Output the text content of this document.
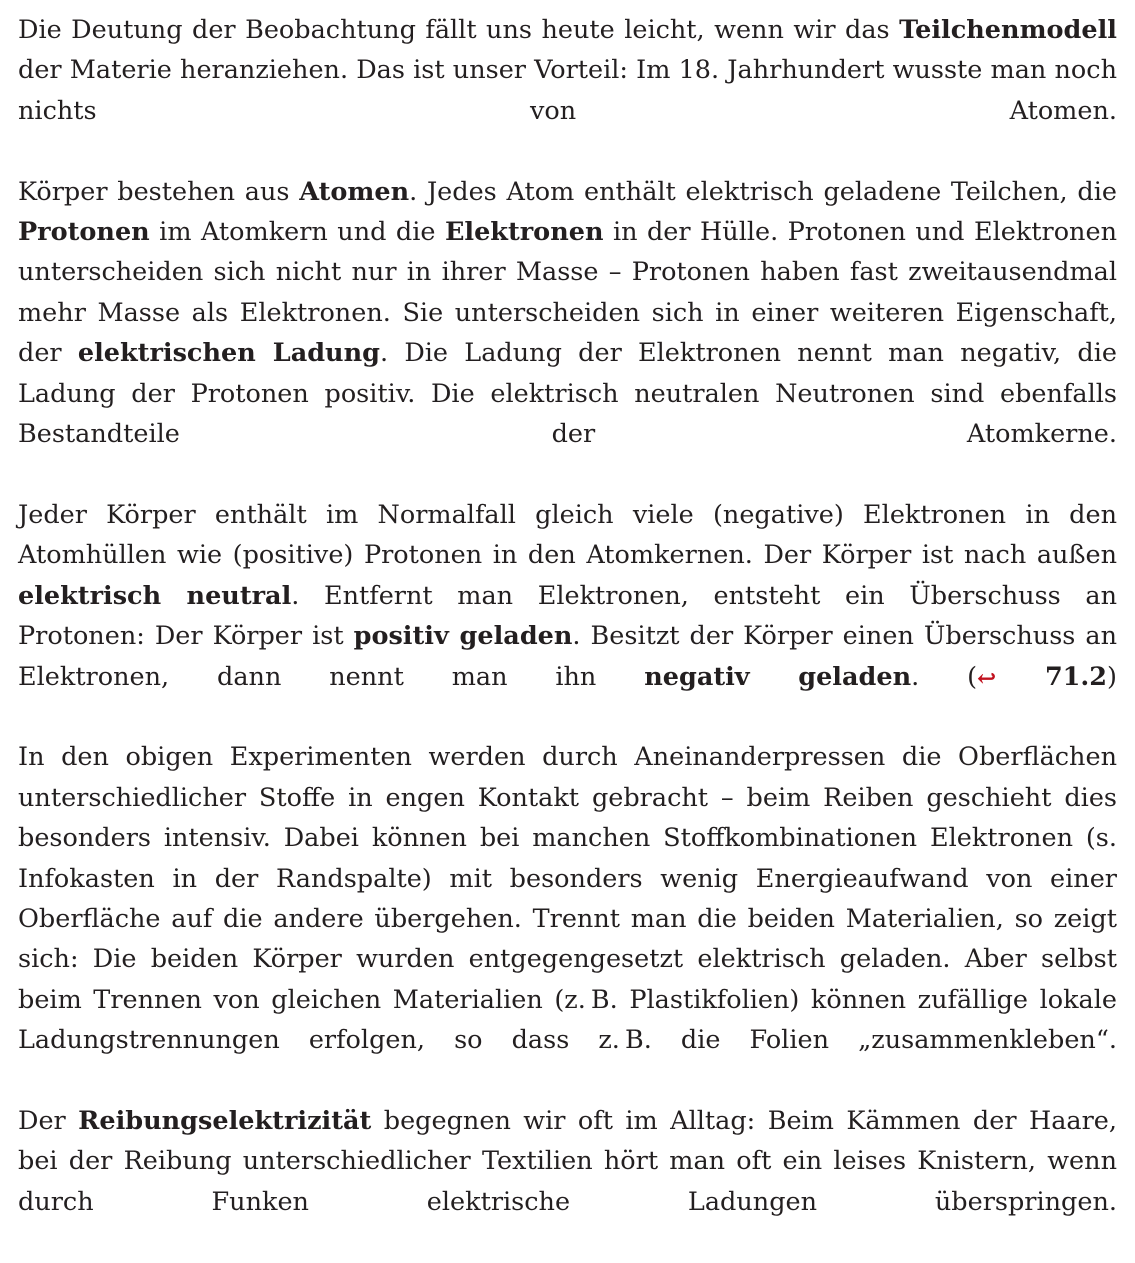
Die Deutung der Beobachtung fällt uns heute leicht, wenn wir das Teilchenmodell der Materie heranziehen. Das ist unser Vorteil: Im 18. Jahrhundert wusste man noch nichts von Atomen.
Körper bestehen aus Atomen. Jedes Atom enthält elektrisch geladene Teilchen, die Protonen im Atomkern und die Elektronen in der Hülle. Protonen und Elektronen unterscheiden sich nicht nur in ihrer Masse – Protonen haben fast zweitausendmal mehr Masse als Elektronen. Sie unterscheiden sich in einer weiteren Eigenschaft, der elektrischen Ladung. Die Ladung der Elektronen nennt man negativ, die Ladung der Protonen positiv. Die elektrisch neutralen Neutronen sind ebenfalls Bestandteile der Atomkerne.
Jeder Körper enthält im Normalfall gleich viele (negative) Elektronen in den Atomhüllen wie (positive) Protonen in den Atomkernen. Der Körper ist nach außen elektrisch neutral. Entfernt man Elektronen, entsteht ein Überschuss an Protonen: Der Körper ist positiv geladen. Besitzt der Körper einen Überschuss an Elektronen, dann nennt man ihn negativ geladen. (↩ 71.2)
In den obigen Experimenten werden durch Aneinanderpressen die Oberflächen unterschiedlicher Stoffe in engen Kontakt gebracht – beim Reiben geschieht dies besonders intensiv. Dabei können bei manchen Stoffkombinationen Elektronen (s. Infokasten in der Randspalte) mit besonders wenig Energieaufwand von einer Oberfläche auf die andere übergehen. Trennt man die beiden Materialien, so zeigt sich: Die beiden Körper wurden entgegengesetzt elektrisch geladen. Aber selbst beim Trennen von gleichen Materialien (z. B. Plastikfolien) können zufällige lokale Ladungstrennungen erfolgen, so dass z. B. die Folien „zusammenkleben“.
Der Reibungselektrizität begegnen wir oft im Alltag: Beim Kämmen der Haare, bei der Reibung unterschiedlicher Textilien hört man oft ein leises Knistern, wenn durch Funken elektrische Ladungen überspringen.
